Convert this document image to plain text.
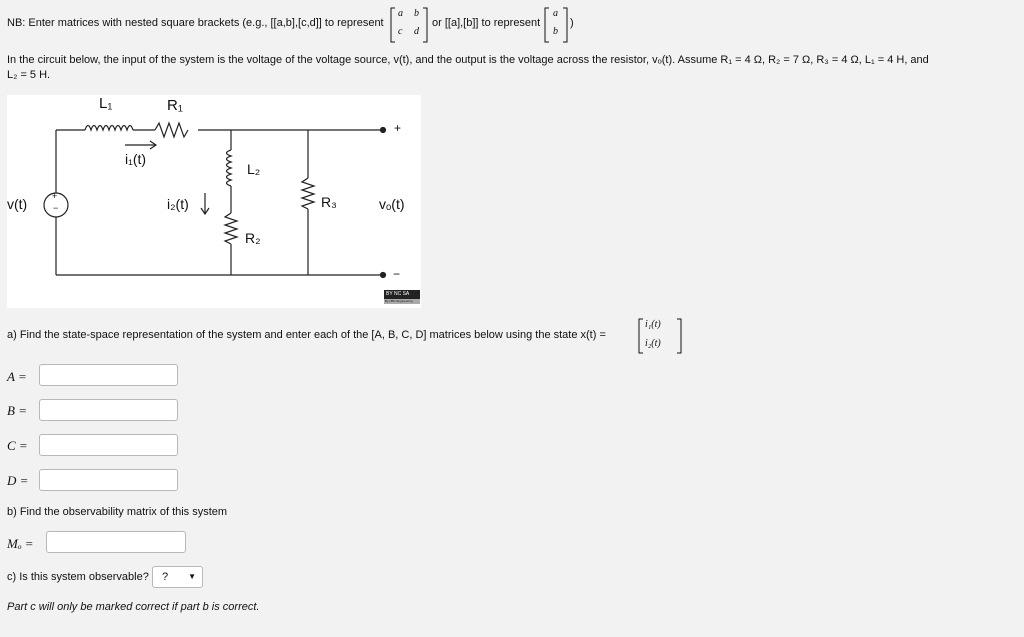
NB: Enter matrices with nested square brackets (e.g., [[a,b],[c,d]] to represent
a b
c d
or [[a],[b]] to represent
a
b
)
In the circuit below, the input of the system is the voltage of the voltage source, v(t), and the output is the voltage across the resistor, vₒ(t). Assume R₁ = 4 Ω, R₂ = 7 Ω, R₃ = 4 Ω, L₁ = 4 H, and
L₂ = 5 H.
L₁	R₁
L₂
R₂
R₃
i₁(t)
i₂(t)
v(t)	vₒ(t)
+
−
+
−
BY NC SA
By UBC Engineering
a) Find the state-space representation of the system and enter each of the [A, B, C, D] matrices below using the state x(t) =
i₁(t)
i₂(t)
A =
B =
C =
D =
b) Find the observability matrix of this system
Mₒ =
c) Is this system observable?	? ▼
Part c will only be marked correct if part b is correct.
